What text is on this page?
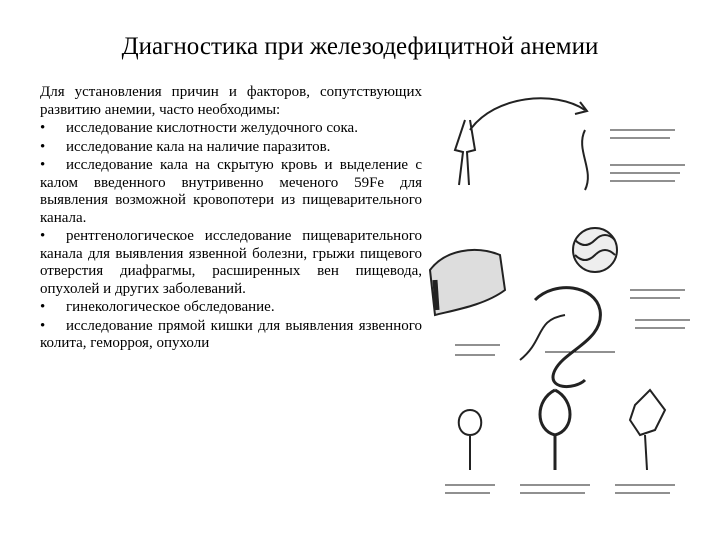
Диагностика при железодефицитной анемии

Для установления причин и факторов, сопутствующих развитию анемии, часто необходимы:

• исследование кислотности желудочного сока.

• исследование кала на наличие паразитов.

• исследование кала на скрытую кровь и выделение с калом введенного внутривенно меченого 59Fe для выявления возможной кровопотери из пищеварительного канала.

• рентгенологическое исследование пищеварительного канала для выявления язвенной болезни, грыжи пищевого отверстия диафрагмы, расширенных вен пищевода, опухолей и других заболеваний.

• гинекологическое обследование.

• исследование прямой кишки для выявления язвенного колита, геморроя, опухоли
